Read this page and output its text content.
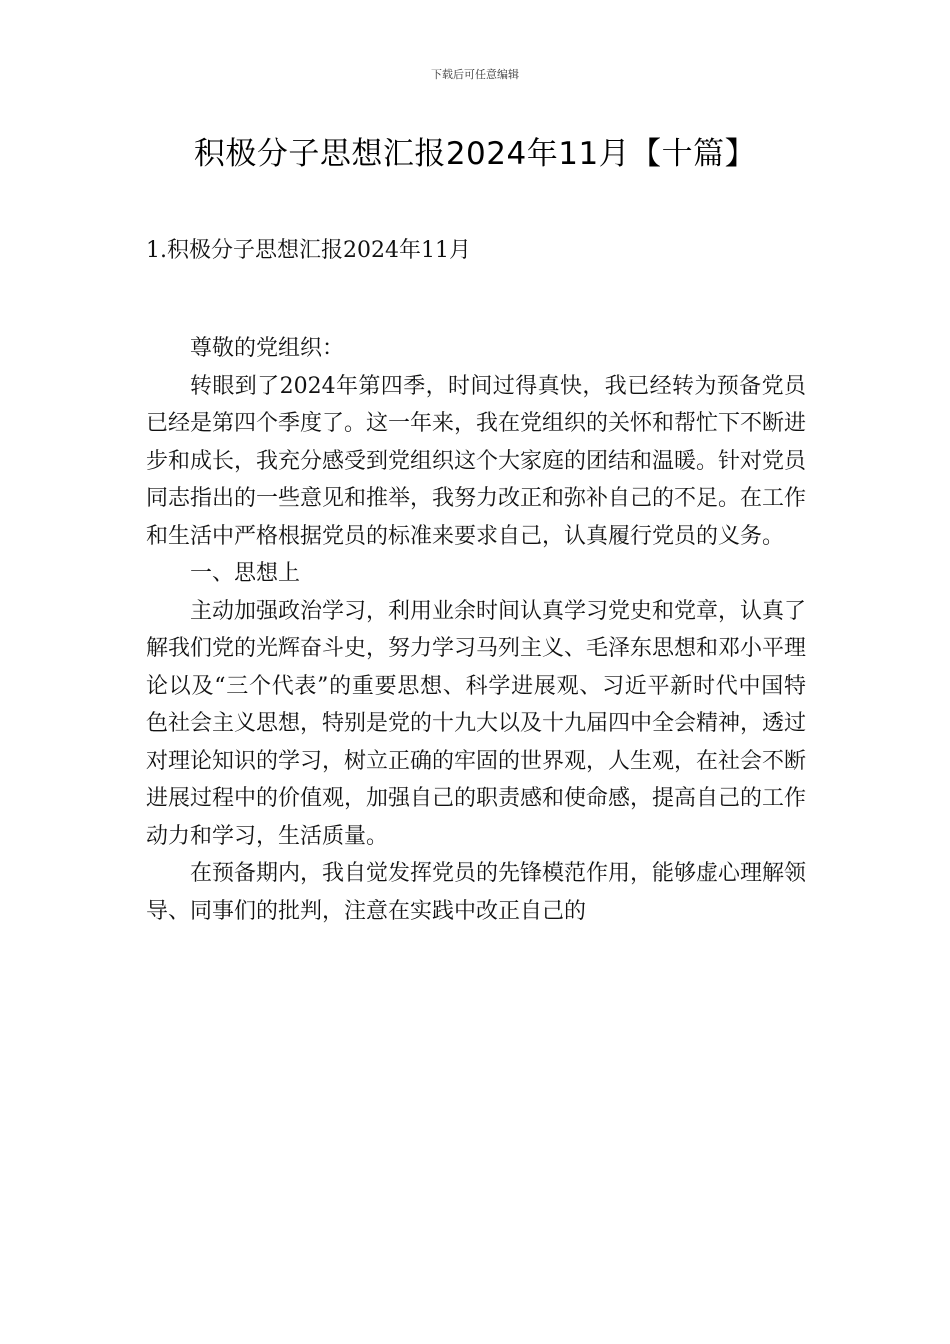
下载后可任意编辑
积极分子思想汇报2024年11月【十篇】
1.积极分子思想汇报2024年11月

尊敬的党组织：

转眼到了2024年第四季，时间过得真快，我已经转为预备党员已经是第四个季度了。这一年来，我在党组织的关怀和帮忙下不断进步和成长，我充分感受到党组织这个大家庭的团结和温暖。针对党员同志指出的一些意见和推举，我努力改正和弥补自己的不足。在工作和生活中严格根据党员的标准来要求自己，认真履行党员的义务。

一、思想上

主动加强政治学习，利用业余时间认真学习党史和党章，认真了解我们党的光辉奋斗史，努力学习马列主义、毛泽东思想和邓小平理论以及“三个代表”的重要思想、科学进展观、习近平新时代中国特色社会主义思想，特别是党的十九大以及十九届四中全会精神，透过对理论知识的学习，树立正确的牢固的世界观，人生观，在社会不断进展过程中的价值观，加强自己的职责感和使命感，提高自己的工作动力和学习，生活质量。

在预备期内，我自觉发挥党员的先锋模范作用，能够虚心理解领导、同事们的批判，注意在实践中改正自己的
